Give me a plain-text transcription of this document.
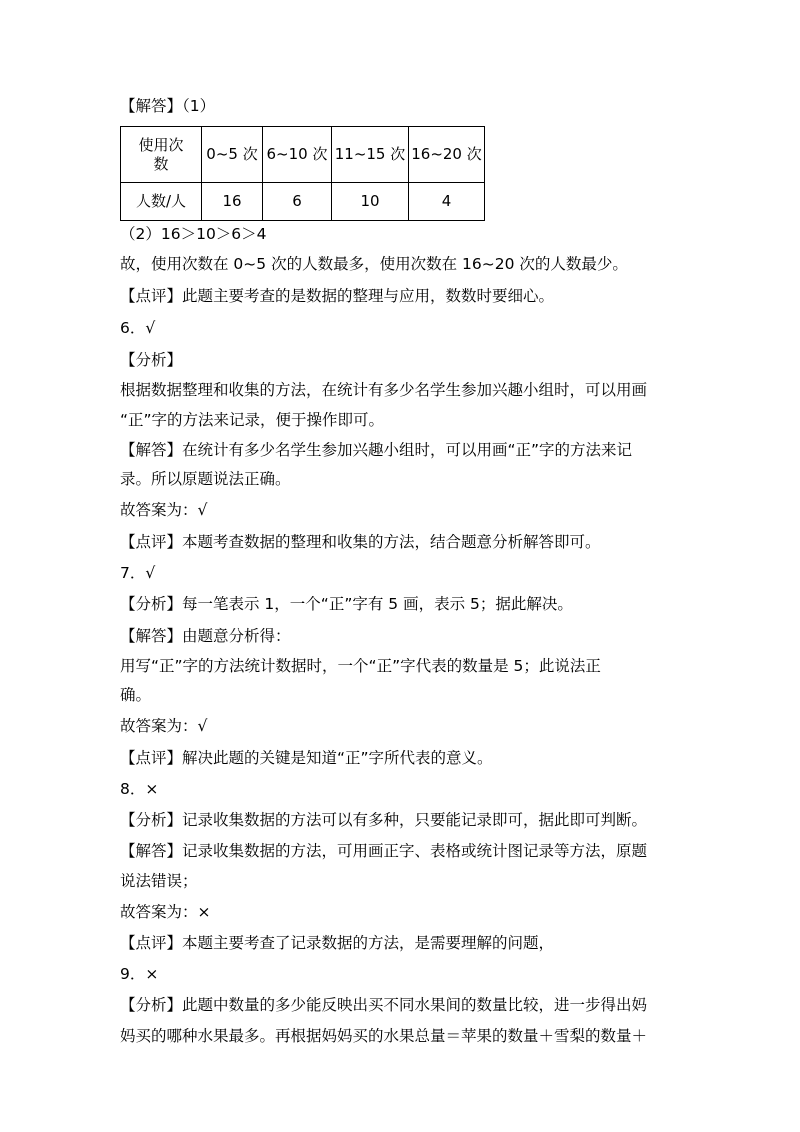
【解答】（1）
使用次数	0~5 次	6~10 次	11~15 次	16~20 次
人数/人	16	6	10	4
（2）16＞10＞6＞4
故，使用次数在 0~5 次的人数最多，使用次数在 16~20 次的人数最少。
【点评】此题主要考查的是数据的整理与应用，数数时要细心。
6．√
【分析】
根据数据整理和收集的方法，在统计有多少名学生参加兴趣小组时，可以用画
“正”字的方法来记录，便于操作即可。
【解答】在统计有多少名学生参加兴趣小组时，可以用画“正”字的方法来记
录。所以原题说法正确。
故答案为：√
【点评】本题考查数据的整理和收集的方法，结合题意分析解答即可。
7．√
【分析】每一笔表示 1，一个“正”字有 5 画，表示 5；据此解决。
【解答】由题意分析得：
用写“正”字的方法统计数据时，一个“正”字代表的数量是 5；此说法正
确。
故答案为：√
【点评】解决此题的关键是知道“正”字所代表的意义。
8．×
【分析】记录收集数据的方法可以有多种，只要能记录即可，据此即可判断。
【解答】记录收集数据的方法，可用画正字、表格或统计图记录等方法，原题
说法错误；
故答案为：×
【点评】本题主要考查了记录数据的方法，是需要理解的问题，
9．×
【分析】此题中数量的多少能反映出买不同水果间的数量比较，进一步得出妈
妈买的哪种水果最多。再根据妈妈买的水果总量＝苹果的数量＋雪梨的数量＋
